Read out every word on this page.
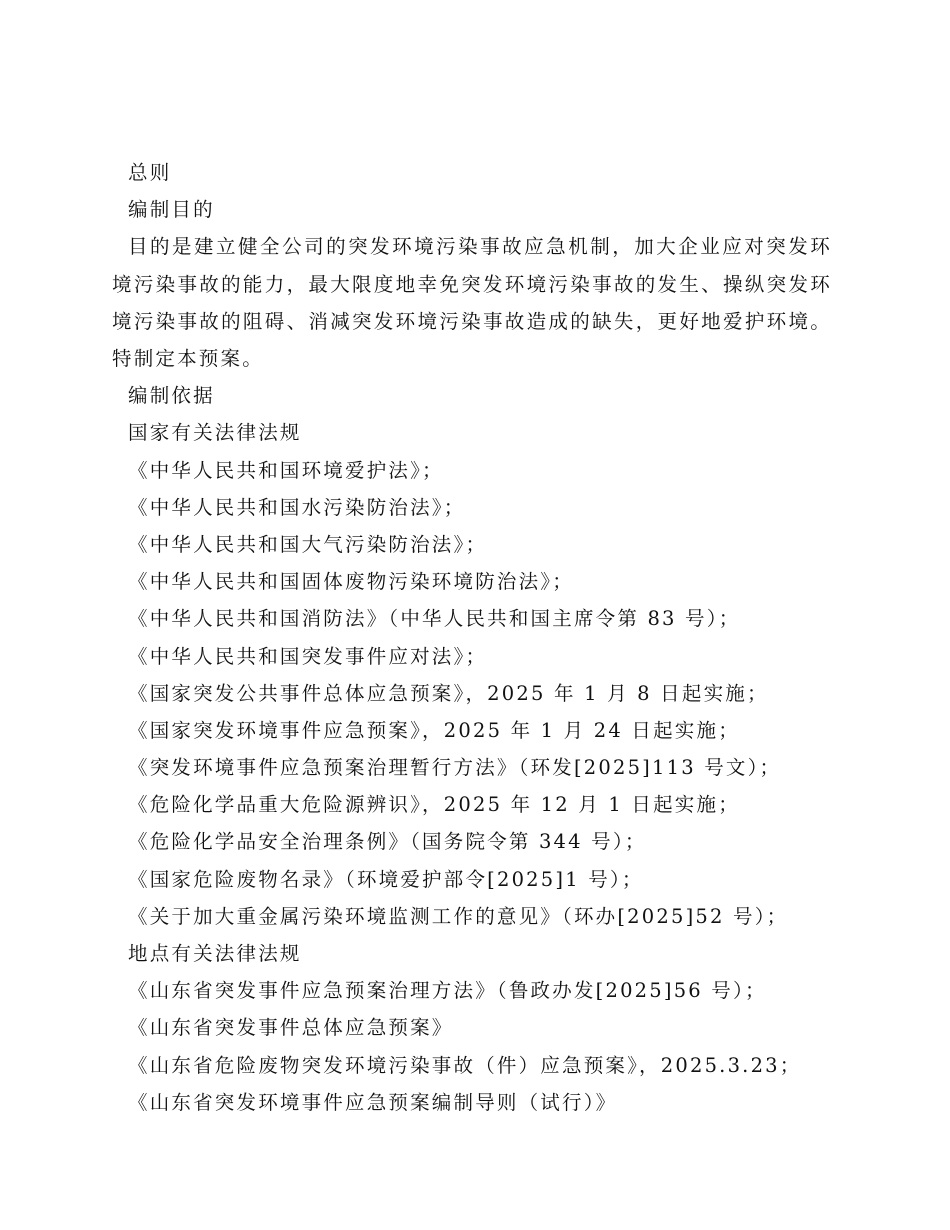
总则
编制目的

目的是建立健全公司的突发环境污染事故应急机制，加大企业应对突发环境污染事故的能力，最大限度地幸免突发环境污染事故的发生、操纵突发环境污染事故的阻碍、消减突发环境污染事故造成的缺失，更好地爱护环境。特制定本预案。

编制依据
国家有关法律法规
《中华人民共和国环境爱护法》；
《中华人民共和国水污染防治法》；
《中华人民共和国大气污染防治法》；
《中华人民共和国固体废物污染环境防治法》；
《中华人民共和国消防法》（中华人民共和国主席令第 83 号）；
《中华人民共和国突发事件应对法》；
《国家突发公共事件总体应急预案》，2025 年 1 月 8 日起实施；
《国家突发环境事件应急预案》，2025 年 1 月 24 日起实施；
《突发环境事件应急预案治理暂行方法》（环发[2025]113 号文）；
《危险化学品重大危险源辨识》，2025 年 12 月 1 日起实施；
《危险化学品安全治理条例》（国务院令第 344 号）；
《国家危险废物名录》（环境爱护部令[2025]1 号）；
《关于加大重金属污染环境监测工作的意见》（环办[2025]52 号）；
地点有关法律法规
《山东省突发事件应急预案治理方法》（鲁政办发[2025]56 号）；
《山东省突发事件总体应急预案》
《山东省危险废物突发环境污染事故（件）应急预案》，2025.3.23；
《山东省突发环境事件应急预案编制导则（试行）》
